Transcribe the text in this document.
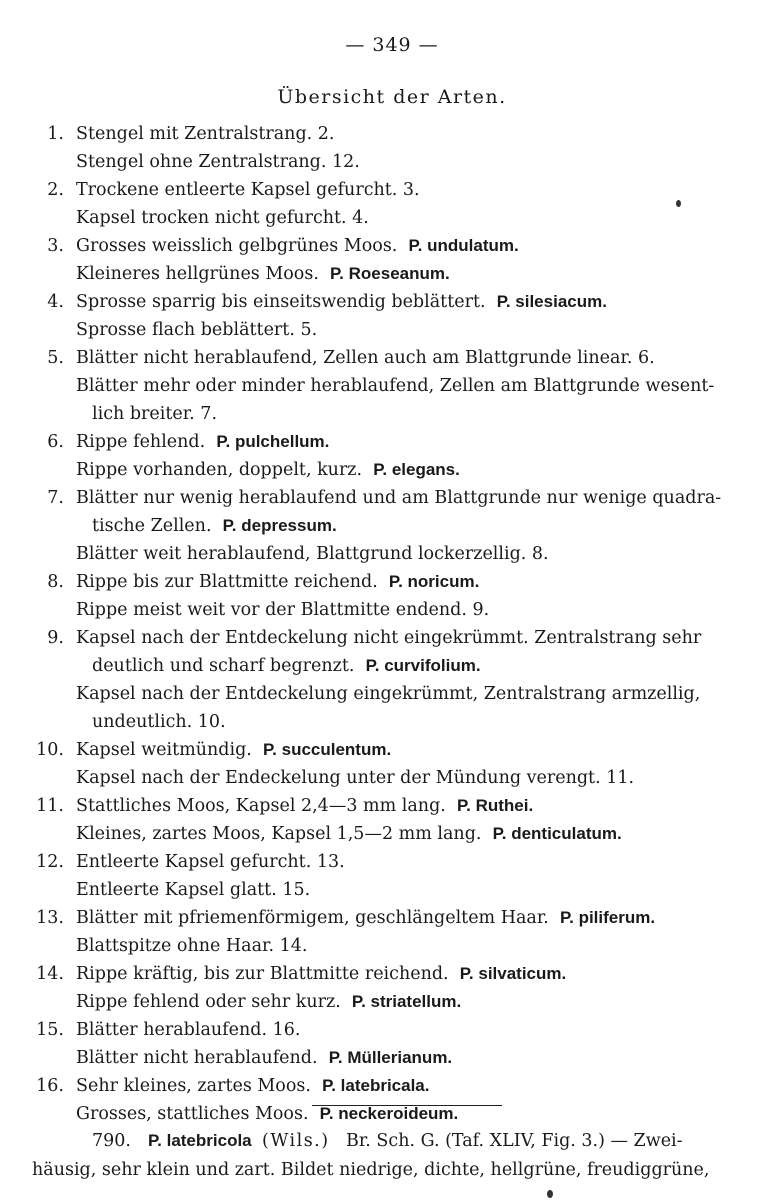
— 349 —
Übersicht der Arten.
1. Stengel mit Zentralstrang. 2.
Stengel ohne Zentralstrang. 12.
2. Trockene entleerte Kapsel gefurcht. 3.
Kapsel trocken nicht gefurcht. 4.
3. Grosses weisslich gelbgrünes Moos. P. undulatum.
Kleineres hellgrünes Moos. P. Roeseanum.
4. Sprosse sparrig bis einseitswendig beblättert. P. silesiacum.
Sprosse flach beblättert. 5.
5. Blätter nicht herablaufend, Zellen auch am Blattgrunde linear. 6.
Blätter mehr oder minder herablaufend, Zellen am Blattgrunde wesent-
lich breiter. 7.
6. Rippe fehlend. P. pulchellum.
Rippe vorhanden, doppelt, kurz. P. elegans.
7. Blätter nur wenig herablaufend und am Blattgrunde nur wenige quadra-
tische Zellen. P. depressum.
Blätter weit herablaufend, Blattgrund lockerzellig. 8.
8. Rippe bis zur Blattmitte reichend. P. noricum.
Rippe meist weit vor der Blattmitte endend. 9.
9. Kapsel nach der Entdeckelung nicht eingekrümmt. Zentralstrang sehr
deutlich und scharf begrenzt. P. curvifolium.
Kapsel nach der Entdeckelung eingekrümmt, Zentralstrang armzellig,
undeutlich. 10.
10. Kapsel weitmündig. P. succulentum.
Kapsel nach der Endeckelung unter der Mündung verengt. 11.
11. Stattliches Moos, Kapsel 2,4—3 mm lang. P. Ruthei.
Kleines, zartes Moos, Kapsel 1,5—2 mm lang. P. denticulatum.
12. Entleerte Kapsel gefurcht. 13.
Entleerte Kapsel glatt. 15.
13. Blätter mit pfriemenförmigem, geschlängeltem Haar. P. piliferum.
Blattspitze ohne Haar. 14.
14. Rippe kräftig, bis zur Blattmitte reichend. P. silvaticum.
Rippe fehlend oder sehr kurz. P. striatellum.
15. Blätter herablaufend. 16.
Blätter nicht herablaufend. P. Müllerianum.
16. Sehr kleines, zartes Moos. P. latebricala.
Grosses, stattliches Moos. P. neckeroideum.
790. P. latebricola (Wils.) Br. Sch. G. (Taf. XLIV, Fig. 3.) — Zwei-
häusig, sehr klein und zart. Bildet niedrige, dichte, hellgrüne, freudiggrüne,
